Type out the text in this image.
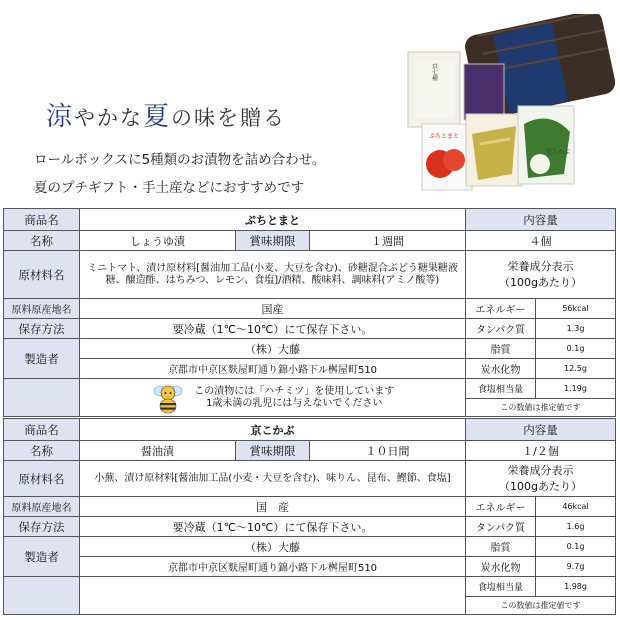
涼やかな夏の味を贈る
ロールボックスに5種類のお漬物を詰め合わせ。
夏のプチギフト・手土産などにおすすめです
京七種
ぷちとまと
京こかぶ
商品名	ぷちとまと			内容量	
名称	しょうゆ漬	賞味期限	１週間	４個	
原材料名	ミニトマト、漬け原材料[醤油加工品(小麦、大豆を含む)、砂糖混合ぶどう糖果糖液糖、醸造酢、はちみつ、レモン、食塩]/酒精、酸味料、調味料(アミノ酸等)			栄養成分表示
（100gあたり）	

原料原産地名	国産			エネルギー	56kcal
保存方法	要冷蔵（1℃～10℃）にて保存下さい。			タンパク質	1.3g
製造者	（株）大藤			脂質	0.1g
	京都市中京区麩屋町通り錦小路下ル桝屋町510			炭水化物	12.5g
	この漬物には「ハチミツ」を使用しています
1歳未満の乳児には与えないでください			食塩相当量	1.19g
				この数値は推定値です	
商品名	京こかぶ			内容量	
名称	醤油漬	賞味期限	１０日間	１/２個	
原材料名	小蕪、漬け原材料[醤油加工品(小麦・大豆を含む)、味りん、昆布、鰹節、食塩]			栄養成分表示
（100gあたり）	

原料原産地名	国　産			エネルギー	46kcal
保存方法	要冷蔵（1℃～10℃）にて保存下さい。			タンパク質	1.6g
製造者	（株）大藤			脂質	0.1g
	京都市中京区麩屋町通り錦小路下ル桝屋町510			炭水化物	9.7g
				食塩相当量	1.98g
				この数値は推定値です	
